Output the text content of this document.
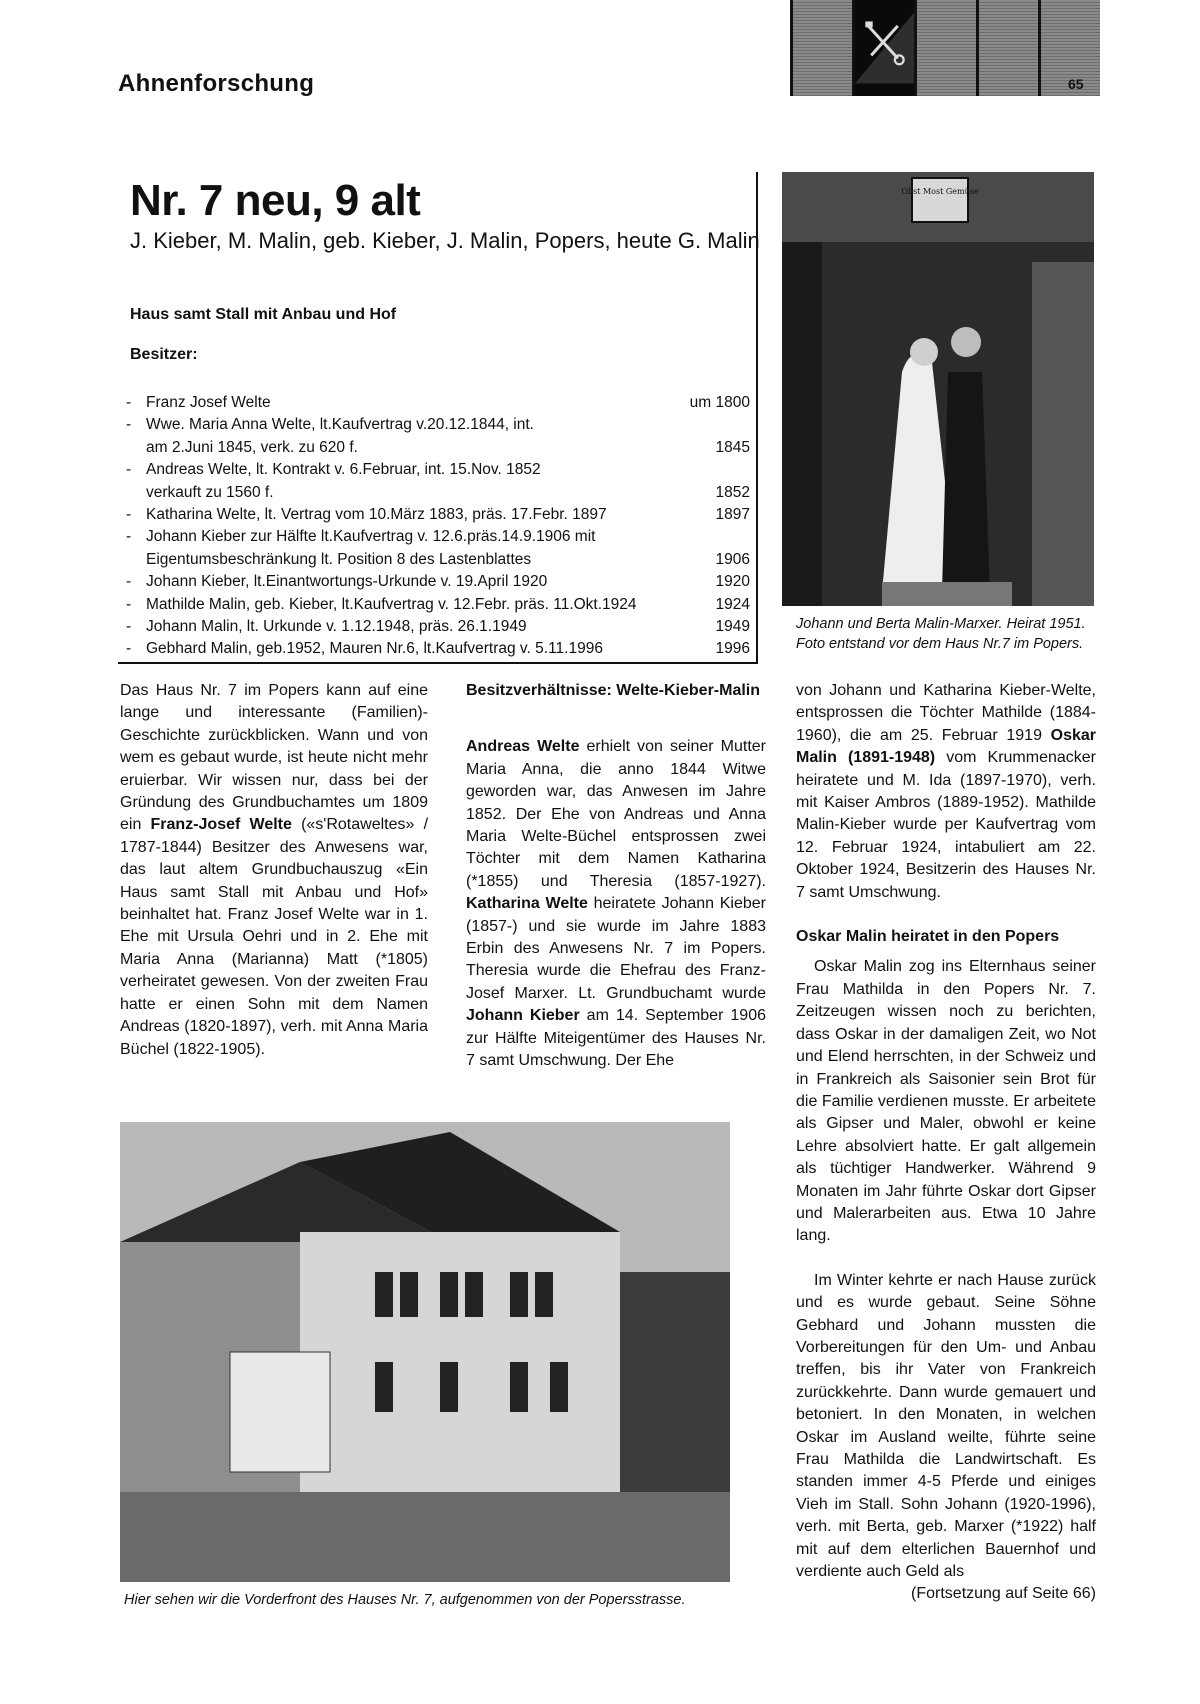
Ahnenforschung	65
Nr. 7 neu, 9 alt
J. Kieber, M. Malin, geb. Kieber, J. Malin, Popers, heute G. Malin
Haus samt Stall mit Anbau und Hof
Besitzer:
- Franz Josef Welte	um 1800
- Wwe. Maria Anna Welte, lt.Kaufvertrag v.20.12.1844, int.
am 2.Juni 1845, verk. zu 620 f.	1845
- Andreas Welte, lt. Kontrakt v. 6.Februar, int. 15.Nov. 1852
verkauft zu 1560 f.	1852
- Katharina Welte, lt. Vertrag vom 10.März 1883, präs. 17.Febr. 1897	1897
- Johann Kieber zur Hälfte lt.Kaufvertrag v. 12.6.präs.14.9.1906 mit
Eigentumsbeschränkung lt. Position 8 des Lastenblattes	1906
- Johann Kieber, lt.Einantwortungs-Urkunde v. 19.April 1920	1920
- Mathilde Malin, geb. Kieber, lt.Kaufvertrag v. 12.Febr. präs. 11.Okt.1924	1924
- Johann Malin, lt. Urkunde v. 1.12.1948, präs. 26.1.1949	1949
- Gebhard Malin, geb.1952, Mauren Nr.6, lt.Kaufvertrag v. 5.11.1996	1996
Obst Most Gemüse
Johann und Berta Malin-Marxer. Heirat 1951. Foto entstand vor dem Haus Nr.7 im Popers.
Hier sehen wir die Vorderfront des Hauses Nr. 7, aufgenommen von der Popersstrasse.

Das Haus Nr. 7 im Popers kann auf eine lange und interessante (Familien)-Geschichte zurückblicken. Wann und von wem es gebaut wurde, ist heute nicht mehr eruierbar. Wir wissen nur, dass bei der Gründung des Grundbuchamtes um 1809 ein Franz-Josef Welte («s'Rotaweltes» / 1787-1844) Besitzer des Anwesens war, das laut altem Grundbuchauszug «Ein Haus samt Stall mit Anbau und Hof» beinhaltet hat. Franz Josef Welte war in 1. Ehe mit Ursula Oehri und in 2. Ehe mit Maria Anna (Marianna) Matt (*1805) verheiratet gewesen. Von der zweiten Frau hatte er einen Sohn mit dem Namen Andreas (1820-1897), verh. mit Anna Maria Büchel (1822-1905).

Besitzverhältnisse: Welte-Kieber-Malin

Andreas Welte erhielt von seiner Mutter Maria Anna, die anno 1844 Witwe geworden war, das Anwesen im Jahre 1852. Der Ehe von Andreas und Anna Maria Welte-Büchel entsprossen zwei Töchter mit dem Namen Katharina (*1855) und Theresia (1857-1927). Katharina Welte heiratete Johann Kieber (1857-) und sie wurde im Jahre 1883 Erbin des Anwesens Nr. 7 im Popers. Theresia wurde die Ehefrau des Franz-Josef Marxer. Lt. Grundbuchamt wurde Johann Kieber am 14. September 1906 zur Hälfte Miteigentümer des Hauses Nr. 7 samt Umschwung. Der Ehe

von Johann und Katharina Kieber-Welte, entsprossen die Töchter Mathilde (1884-1960), die am 25. Februar 1919 Oskar Malin (1891-1948) vom Krummenacker heiratete und M. Ida (1897-1970), verh. mit Kaiser Ambros (1889-1952). Mathilde Malin-Kieber wurde per Kaufvertrag vom 12. Februar 1924, intabuliert am 22. Oktober 1924, Besitzerin des Hauses Nr. 7 samt Umschwung.

Oskar Malin heiratet in den Popers

Oskar Malin zog ins Elternhaus seiner Frau Mathilda in den Popers Nr. 7. Zeitzeugen wissen noch zu berichten, dass Oskar in der damaligen Zeit, wo Not und Elend herrschten, in der Schweiz und in Frankreich als Saisonier sein Brot für die Familie verdienen musste. Er arbeitete als Gipser und Maler, obwohl er keine Lehre absolviert hatte. Er galt allgemein als tüchtiger Handwerker. Während 9 Monaten im Jahr führte Oskar dort Gipser und Malerarbeiten aus. Etwa 10 Jahre lang.

Im Winter kehrte er nach Hause zurück und es wurde gebaut. Seine Söhne Gebhard und Johann mussten die Vorbereitungen für den Um- und Anbau treffen, bis ihr Vater von Frankreich zurückkehrte. Dann wurde gemauert und betoniert. In den Monaten, in welchen Oskar im Ausland weilte, führte seine Frau Mathilda die Landwirtschaft. Es standen immer 4-5 Pferde und einiges Vieh im Stall. Sohn Johann (1920-1996), verh. mit Berta, geb. Marxer (*1922) half mit auf dem elterlichen Bauernhof und verdiente auch Geld als

(Fortsetzung auf Seite 66)
